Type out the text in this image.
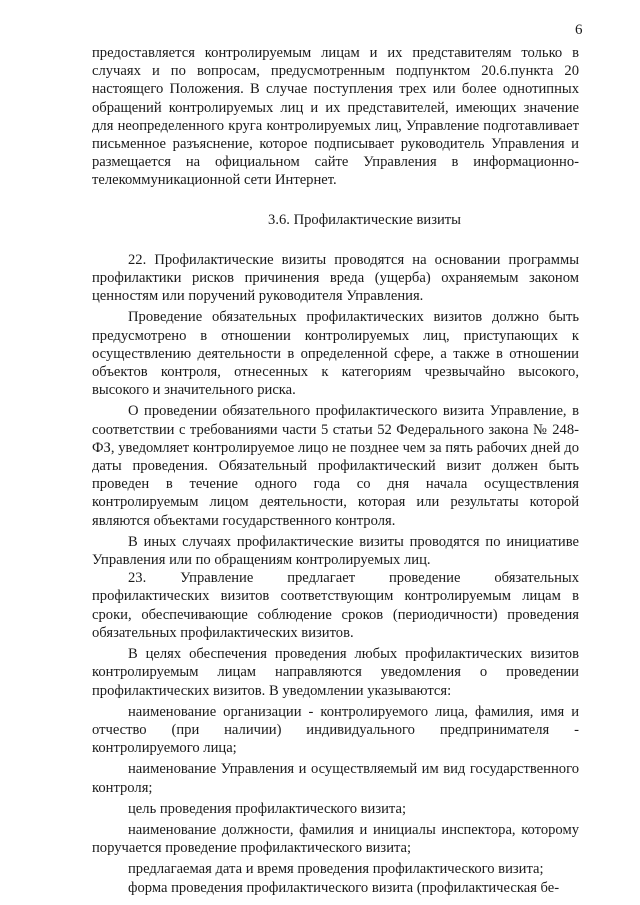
6

предоставляется контролируемым лицам и их представителям только в случаях и по вопросам, предусмотренным подпунктом 20.6.пункта 20 настоящего Положения. В случае поступления трех или более однотипных обращений контролируемых лиц и их представителей, имеющих значение для неопределенного круга контролируемых лиц, Управление подготавливает письменное разъяснение, которое подписывает руководитель Управления и размещается на официальном сайте Управления в информационно-телекоммуникационной сети Интернет.

3.6. Профилактические визиты

22. Профилактические визиты проводятся на основании программы профилактики рисков причинения вреда (ущерба) охраняемым законом ценностям или поручений руководителя Управления.

Проведение обязательных профилактических визитов должно быть предусмотрено в отношении контролируемых лиц, приступающих к осуществлению деятельности в определенной сфере, а также в отношении объектов контроля, отнесенных к категориям чрезвычайно высокого, высокого и значительного риска.

О проведении обязательного профилактического визита Управление, в соответствии с требованиями части 5 статьи 52 Федерального закона № 248-ФЗ, уведомляет контролируемое лицо не позднее чем за пять рабочих дней до даты проведения. Обязательный профилактический визит должен быть проведен в течение одного года со дня начала осуществления контролируемым лицом деятельности, которая или результаты которой являются объектами государственного контроля.

В иных случаях профилактические визиты проводятся по инициативе Управления или по обращениям контролируемых лиц.

23. Управление предлагает проведение обязательных профилактических визитов соответствующим контролируемым лицам в сроки, обеспечивающие соблюдение сроков (периодичности) проведения обязательных профилактических визитов.

В целях обеспечения проведения любых профилактических визитов контролируемым лицам направляются уведомления о проведении профилактических визитов. В уведомлении указываются:

наименование организации - контролируемого лица, фамилия, имя и отчество (при наличии) индивидуального предпринимателя - контролируемого лица;

наименование Управления и осуществляемый им вид государственного контроля;

цель проведения профилактического визита;

наименование должности, фамилия и инициалы инспектора, которому поручается проведение профилактического визита;

предлагаемая дата и время проведения профилактического визита;

форма проведения профилактического визита (профилактическая бе-
